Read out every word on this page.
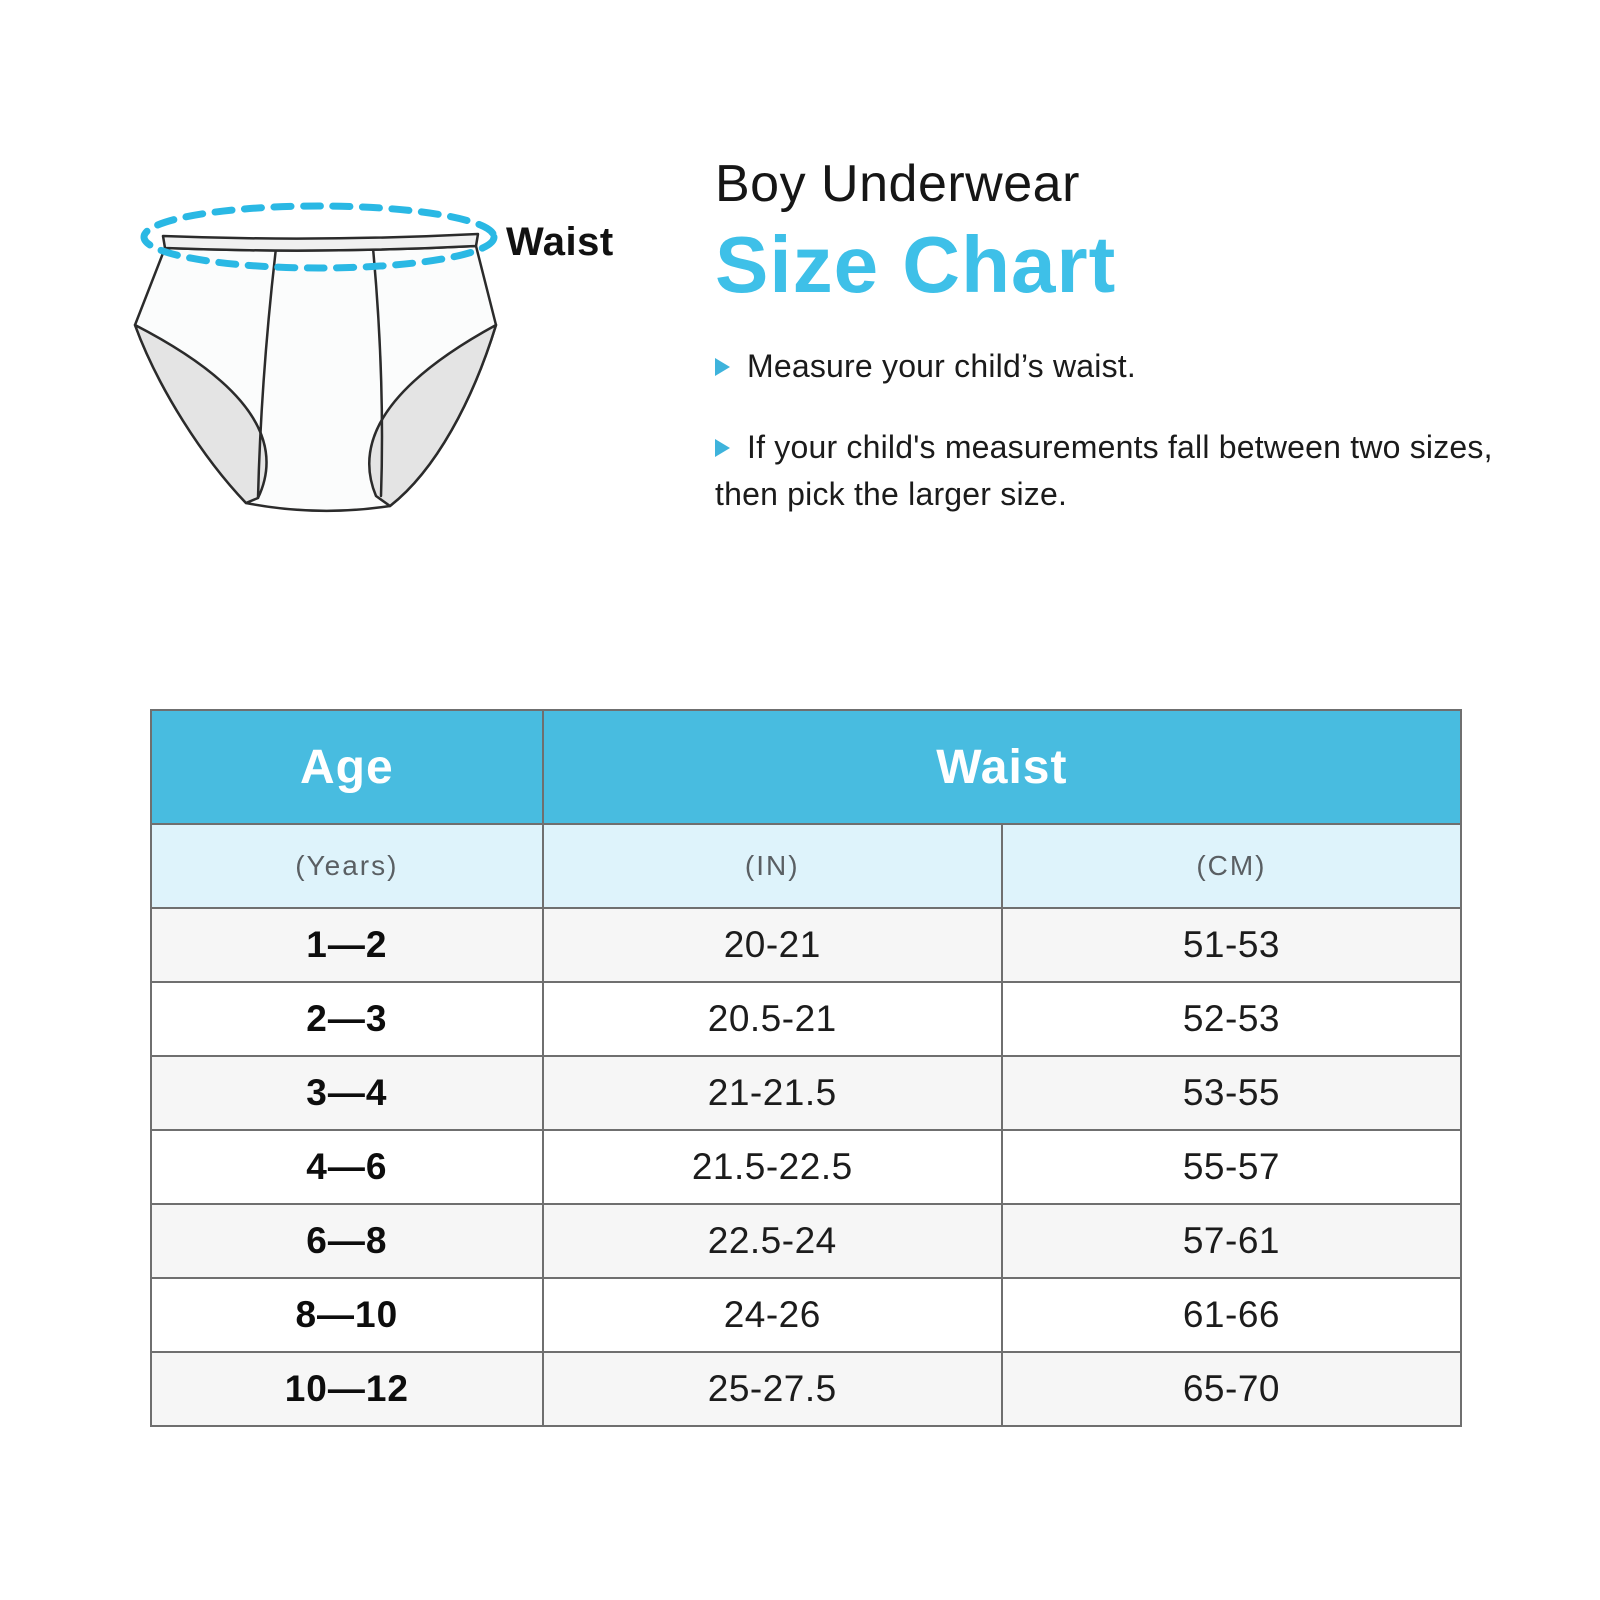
Waist
Boy Underwear
Size Chart

Measure your child’s waist.

If your child's measurements fall between two sizes, then pick the larger size.

Age	Waist	
(Years)	(IN)	(CM)
1—2	20-21	51-53
2—3	20.5-21	52-53
3—4	21-21.5	53-55
4—6	21.5-22.5	55-57
6—8	22.5-24	57-61
8—10	24-26	61-66
10—12	25-27.5	65-70
